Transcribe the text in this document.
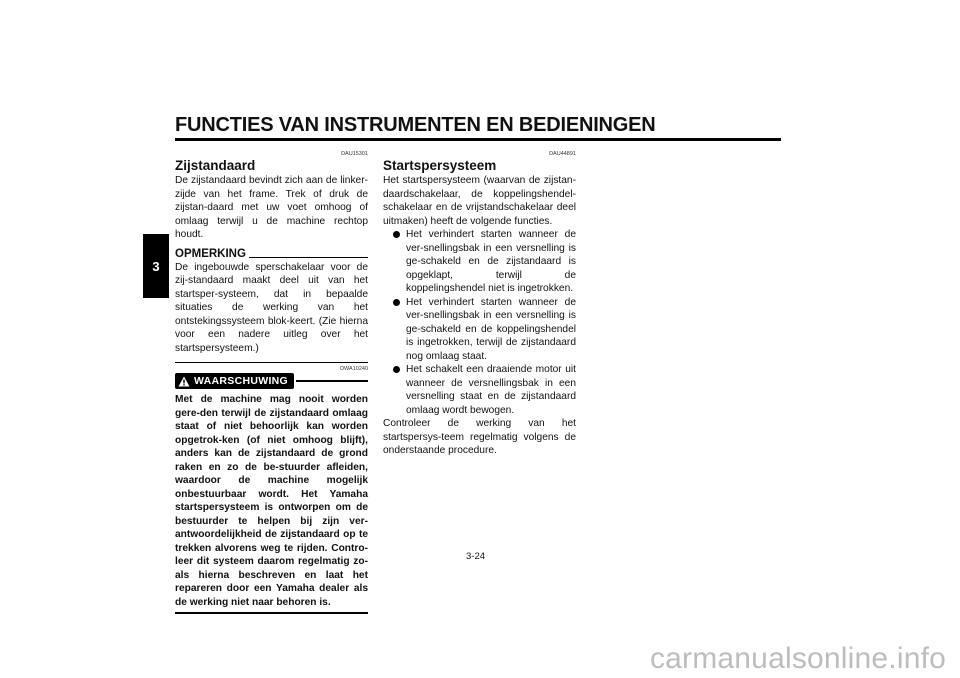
FUNCTIES VAN INSTRUMENTEN EN BEDIENINGEN
3
DAU15301
Zijstandaard

De zijstandaard bevindt zich aan de linker-zijde van het frame. Trek of druk de zijstan-daard met uw voet omhoog of omlaag terwijl u de machine rechtop houdt.

OPMERKING

De ingebouwde sperschakelaar voor de zij-standaard maakt deel uit van het startsper-systeem, dat in bepaalde situaties de werking van het ontstekingssysteem blok-keert. (Zie hierna voor een nadere uitleg over het startspersysteem.)

DWA10240
WAARSCHUWING

Met de machine mag nooit worden gere-den terwijl de zijstandaard omlaag staat of niet behoorlijk kan worden opgetrok-ken (of niet omhoog blijft), anders kan de zijstandaard de grond raken en zo de be-stuurder afleiden, waardoor de machine mogelijk onbestuurbaar wordt. Het Yamaha startspersysteem is ontworpen om de bestuurder te helpen bij zijn ver-antwoordelijkheid de zijstandaard op te trekken alvorens weg te rijden. Contro-leer dit systeem daarom regelmatig zo-als hierna beschreven en laat het repareren door een Yamaha dealer als de werking niet naar behoren is.

DAU44891
Startspersysteem

Het startspersysteem (waarvan de zijstan-daardschakelaar, de koppelingshendel-schakelaar en de vrijstandschakelaar deel uitmaken) heeft de volgende functies.

Het verhindert starten wanneer de ver-snellingsbak in een versnelling is ge-schakeld en de zijstandaard is opgeklapt, terwijl de koppelingshendel niet is ingetrokken.
Het verhindert starten wanneer de ver-snellingsbak in een versnelling is ge-schakeld en de koppelingshendel is ingetrokken, terwijl de zijstandaard nog omlaag staat.
Het schakelt een draaiende motor uit wanneer de versnellingsbak in een versnelling staat en de zijstandaard omlaag wordt bewogen.

Controleer de werking van het startspersys-teem regelmatig volgens de onderstaande procedure.

3-24
carmanualsonline.info
